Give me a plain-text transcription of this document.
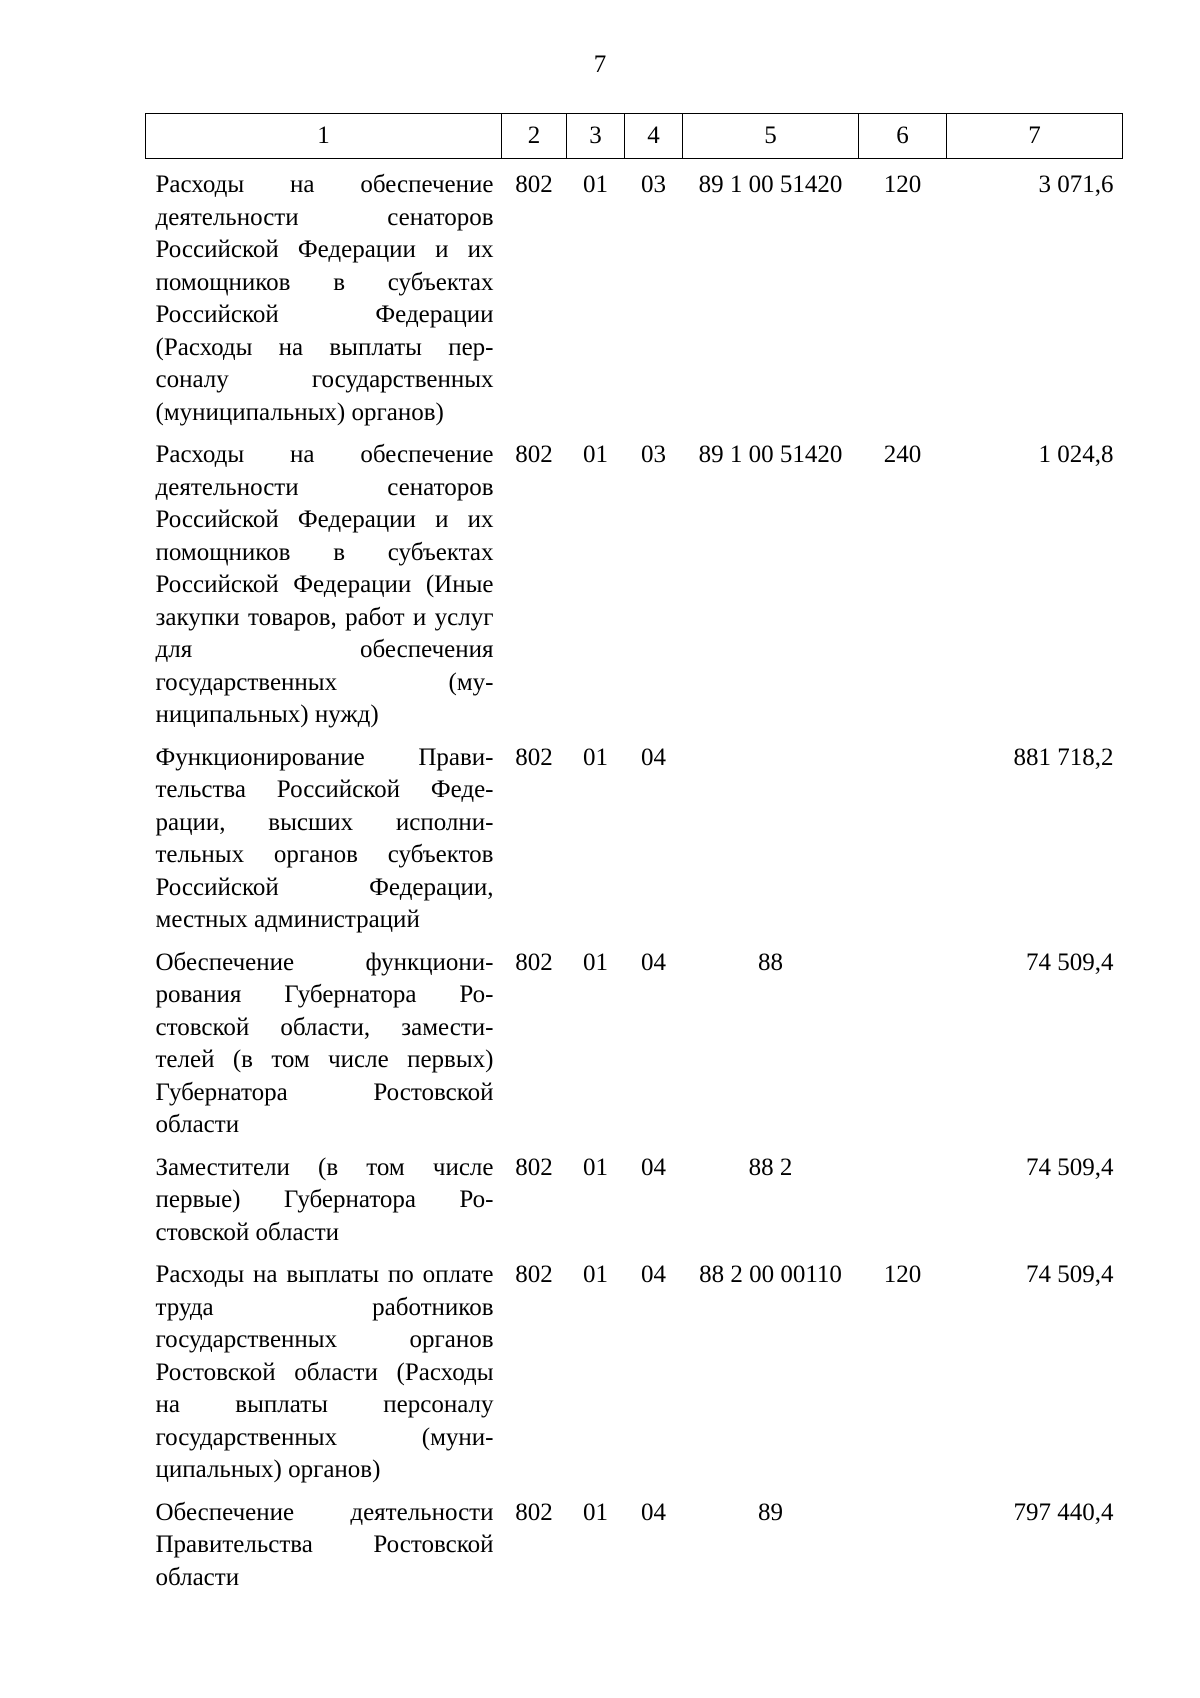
7
1	2	3	4	5	6	7
Расходы на обеспечение деятельности сенаторов Российской Федерации и их помощников в субъектах Российской Федерации (Расходы на выплаты персоналу государственных (муниципальных) органов)	802	01	03	89 1 00 51420	120	3 071,6
Расходы на обеспечение деятельности сенаторов Российской Федерации и их помощников в субъектах Российской Федерации (Иные закупки товаров, работ и услуг для обеспечения государственных (муниципальных) нужд)	802	01	03	89 1 00 51420	240	1 024,8
Функционирование Правительства Российской Федерации, высших исполнительных органов субъектов Российской Федерации, местных администраций	802	01	04			881 718,2
Обеспечение функционирования Губернатора Ростовской области, заместителей (в том числе первых) Губернатора Ростовской области	802	01	04	88		74 509,4
Заместители (в том числе первые) Губернатора Ростовской области	802	01	04	88 2		74 509,4
Расходы на выплаты по оплате труда работников государственных органов Ростовской области (Расходы на выплаты персоналу государственных (муниципальных) органов)	802	01	04	88 2 00 00110	120	74 509,4
Обеспечение деятельности Правительства Ростовской области	802	01	04	89		797 440,4
